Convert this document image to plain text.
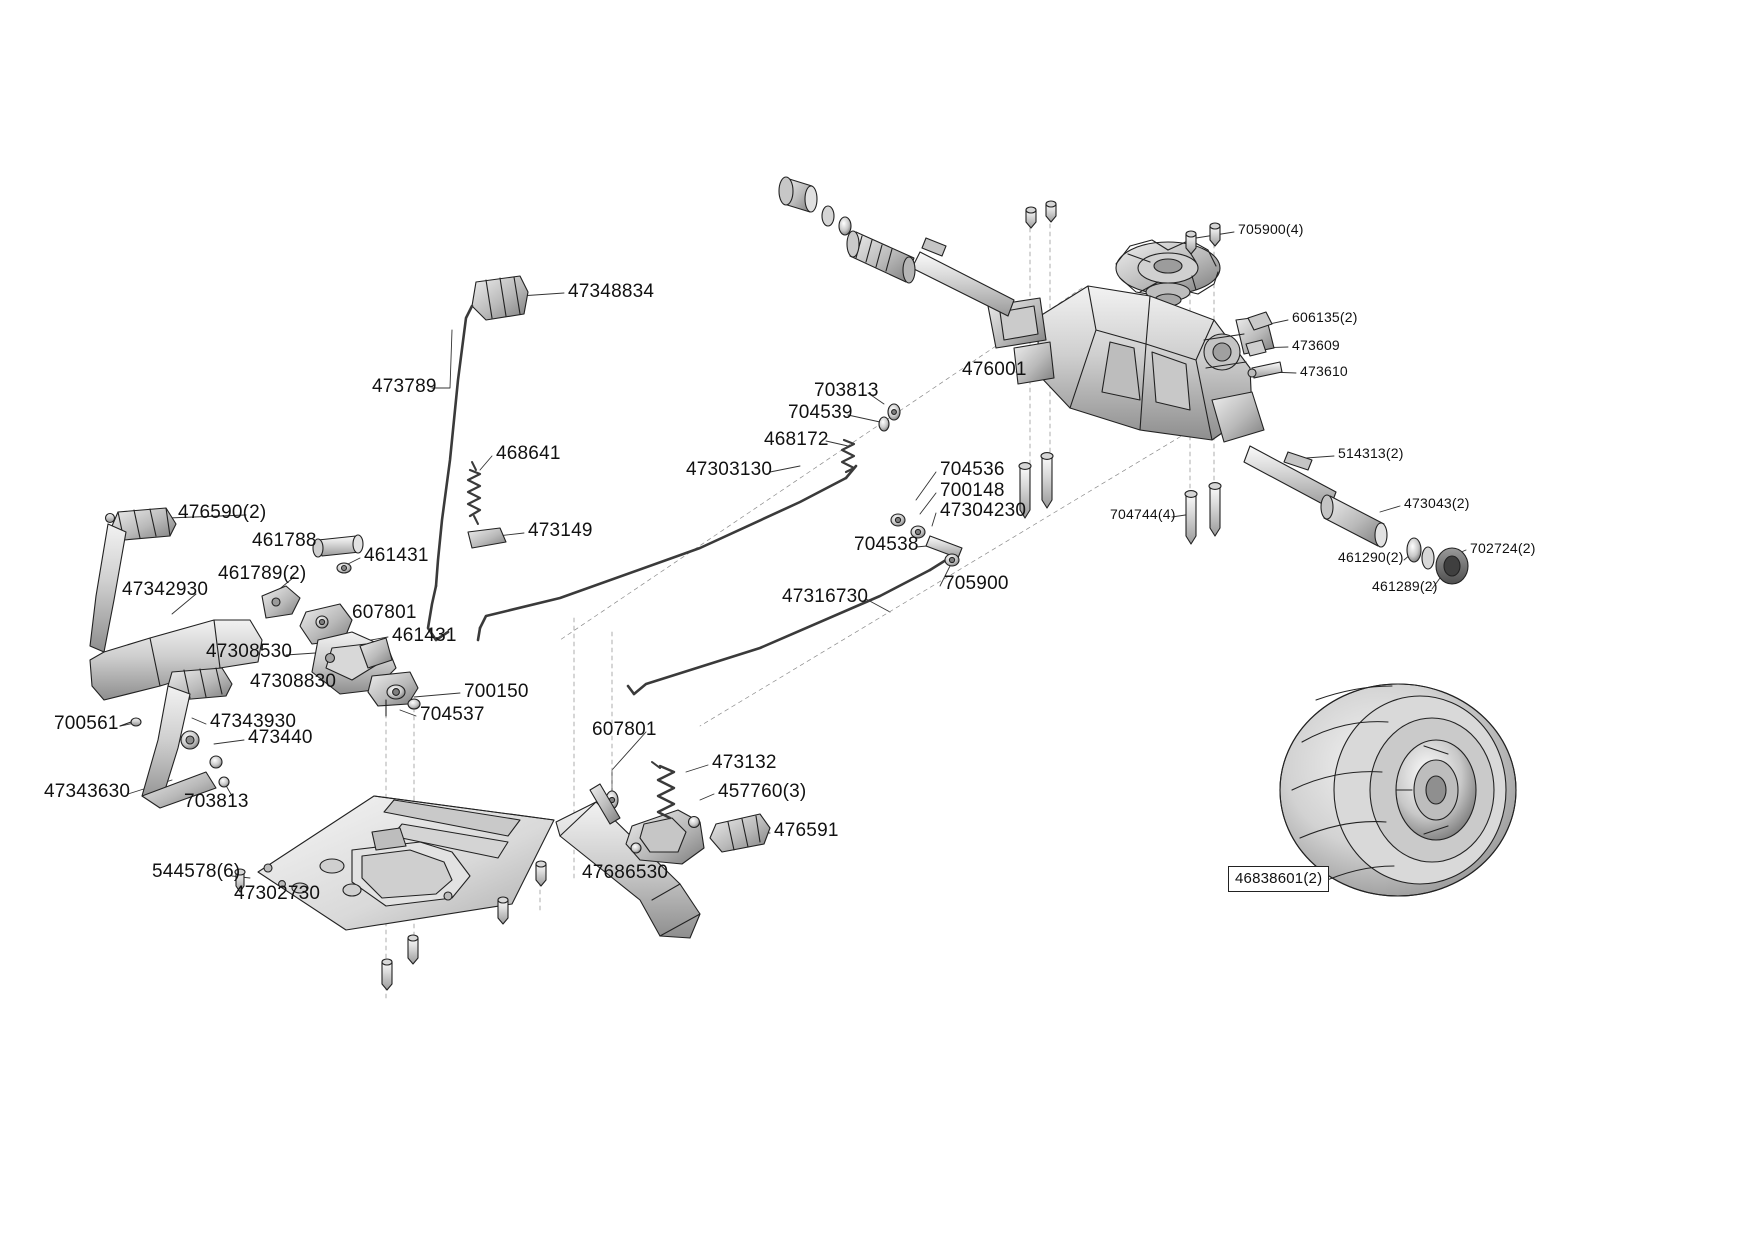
47348834
473789
468641
473149
476590(2)
461788
461431
461789(2)
47342930
607801
461431
47308530
47308830	700150
704537
47343930
700561
473440
47343630	703813
544578(6)
47302730
607801
473132
457760(3)
476591
47686530
47303130
47316730
703813
704539
468172
704536
700148
47304230
704538
705900
476001
705900(4)
606135(2)
473609
473610
514313(2)
473043(2)
702724(2)
461290(2)
461289(2)
704744(4)
46838601(2)
